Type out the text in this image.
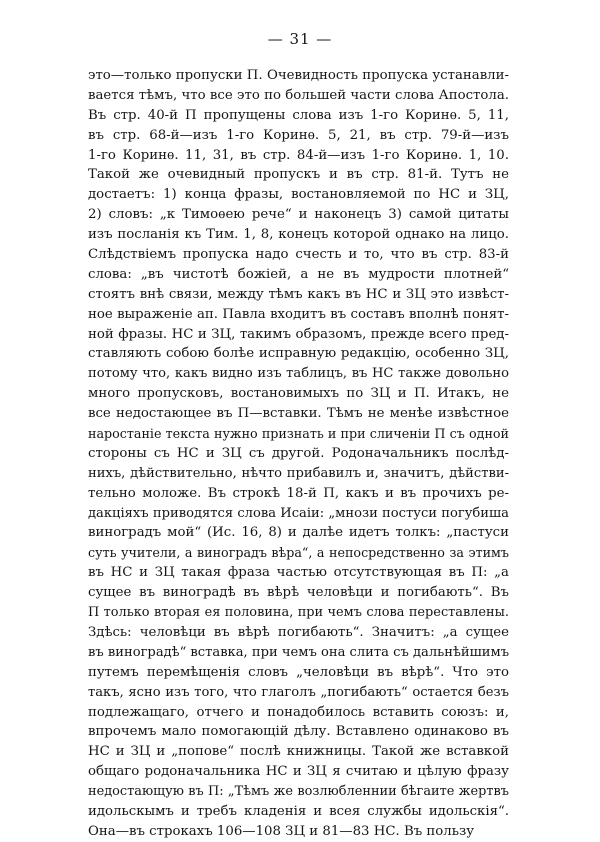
— 31 —
это—только пропуски П. Очевидность пропуска устанавли-
вается тѣмъ, что все это по большей части слова Апостола.
Въ стр. 40-й П пропущены слова изъ 1-го Коринѳ. 5, 11,
въ стр. 68-й—изъ 1-го Коринѳ. 5, 21, въ стр. 79-й—изъ
1-го Коринѳ. 11, 31, въ стр. 84-й—изъ 1-го Коринѳ. 1, 10.
Такой же очевидный пропускъ и въ стр. 81-й. Тутъ не
достаетъ: 1) конца фразы, востановляемой по НС и ЗЦ,
2) словъ: „к Тимоѳею рече“ и наконецъ 3) самой цитаты
изъ посланія къ Тим. 1, 8, конецъ которой однако на лицо.
Слѣдствіемъ пропуска надо счесть и то, что въ стр. 83-й
слова: „въ чистотѣ божіей, а не въ мудрости плотней“
стоятъ внѣ связи, между тѣмъ какъ въ НС и ЗЦ это извѣст-
ное выраженіе ап. Павла входитъ въ составъ вполнѣ понят-
ной фразы. НС и ЗЦ, такимъ образомъ, прежде всего пред-
ставляють собою болѣе исправную редакцію, особенно ЗЦ,
потому что, какъ видно изъ таблицъ, въ НС также довольно
много пропусковъ, востановимыхъ по ЗЦ и П. Итакъ, не
все недостающее въ П—вставки. Тѣмъ не менѣе извѣстное
наростаніе текста нужно признать и при сличеніи П съ одной
стороны съ НС и ЗЦ съ другой. Родоначальникъ послѣд-
нихъ, дѣйствительно, нѣчто прибавилъ и, значитъ, дѣйстви-
тельно моложе. Въ строкѣ 18-й П, какъ и въ прочихъ ре-
дакціяхъ приводятся слова Исаіи: „мнози постуси погубиша
виноградъ мой“ (Ис. 16, 8) и далѣе идетъ толкъ: „пастуси
суть учители, а виноградъ вѣра“, а непосредственно за этимъ
въ НС и ЗЦ такая фраза частью отсутствующая въ П: „а
сущее въ виноградѣ въ вѣрѣ человѣци и погибають“. Въ
П только вторая ея половина, при чемъ слова переставлены.
Здѣсь: человѣци въ вѣрѣ погибають“. Значитъ: „а сущее
въ виноградѣ“ вставка, при чемъ она слита съ дальнѣйшимъ
путемъ перемѣщенія словъ „человѣци въ вѣрѣ“. Что это
такъ, ясно изъ того, что глаголъ „погибають“ остается безъ
подлежащаго, отчего и понадобилось вставить союзъ: и,
впрочемъ мало помогающій дѣлу. Вставлено одинаково въ
НС и ЗЦ и „попове“ послѣ книжницы. Такой же вставкой
общаго родоначальника НС и ЗЦ я считаю и цѣлую фразу
недостающую въ П: „Тѣмъ же возлюбленнии бѣгаите жертвъ
идольскымъ и требъ кладенія и всея службы идольскія“.
Она—въ строкахъ 106—108 ЗЦ и 81—83 НС. Въ пользу
